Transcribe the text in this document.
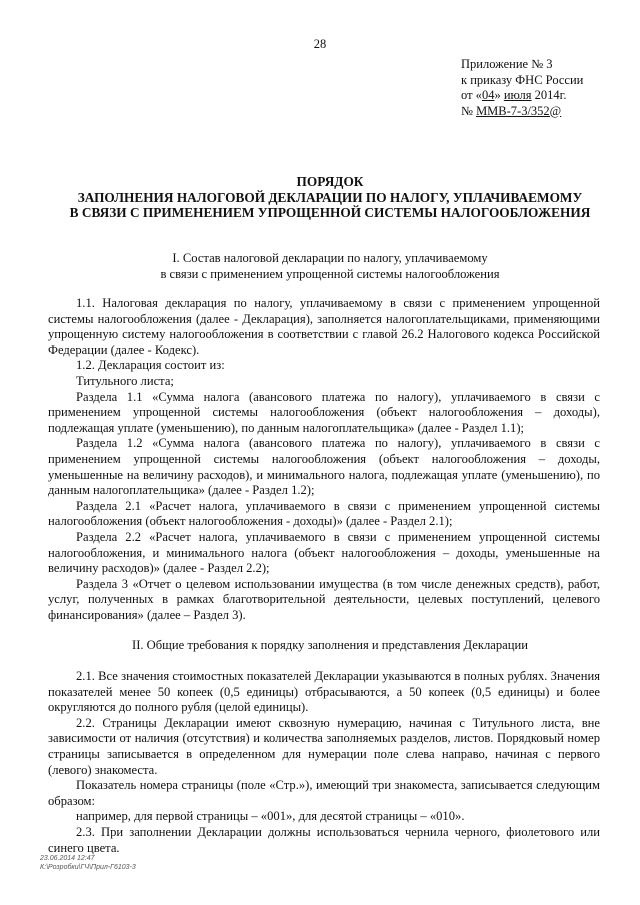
28
Приложение № 3
к приказу ФНС России
от «04» июля 2014г.
№ ММВ-7-3/352@
ПОРЯДОК
ЗАПОЛНЕНИЯ НАЛОГОВОЙ ДЕКЛАРАЦИИ ПО НАЛОГУ, УПЛАЧИВАЕМОМУ
В СВЯЗИ С ПРИМЕНЕНИЕМ УПРОЩЕННОЙ СИСТЕМЫ НАЛОГООБЛОЖЕНИЯ
I. Состав налоговой декларации по налогу, уплачиваемому
в связи с применением упрощенной системы налогообложения

1.1. Налоговая декларация по налогу, уплачиваемому в связи с применением упрощенной системы налогообложения (далее - Декларация), заполняется налогоплательщиками, применяющими упрощенную систему налогообложения в соответствии с главой 26.2 Налогового кодекса Российской Федерации (далее - Кодекс).

1.2. Декларация состоит из:

Титульного листа;

Раздела 1.1 «Сумма налога (авансового платежа по налогу), уплачиваемого в связи с применением упрощенной системы налогообложения (объект налогообложения – доходы), подлежащая уплате (уменьшению), по данным налогоплательщика» (далее - Раздел 1.1);

Раздела 1.2 «Сумма налога (авансового платежа по налогу), уплачиваемого в связи с применением упрощенной системы налогообложения (объект налогообложения – доходы, уменьшенные на величину расходов), и минимального налога, подлежащая уплате (уменьшению), по данным налогоплательщика» (далее - Раздел 1.2);

Раздела 2.1 «Расчет налога, уплачиваемого в связи с применением упрощенной системы налогообложения (объект налогообложения - доходы)» (далее - Раздел 2.1);

Раздела 2.2 «Расчет налога, уплачиваемого в связи с применением упрощенной системы налогообложения, и минимального налога (объект налогообложения – доходы, уменьшенные на величину расходов)» (далее - Раздел 2.2);

Раздела 3 «Отчет о целевом использовании имущества (в том числе денежных средств), работ, услуг, полученных в рамках благотворительной деятельности, целевых поступлений, целевого финансирования» (далее – Раздел 3).

II. Общие требования к порядку заполнения и представления Декларации

2.1. Все значения стоимостных показателей Декларации указываются в полных рублях. Значения показателей менее 50 копеек (0,5 единицы) отбрасываются, а 50 копеек (0,5 единицы) и более округляются до полного рубля (целой единицы).

2.2. Страницы Декларации имеют сквозную нумерацию, начиная с Титульного листа, вне зависимости от наличия (отсутствия) и количества заполняемых разделов, листов. Порядковый номер страницы записывается в определенном для нумерации поле слева направо, начиная с первого (левого) знакоместа.

Показатель номера страницы (поле «Стр.»), имеющий три знакоместа, записывается следующим образом:

например, для первой страницы – «001», для десятой страницы – «010».

2.3. При заполнении Декларации должны использоваться чернила черного, фиолетового или синего цвета.

23.06.2014 12:47
К:\Розробки\ГЧ\Прил-Г6103-3
